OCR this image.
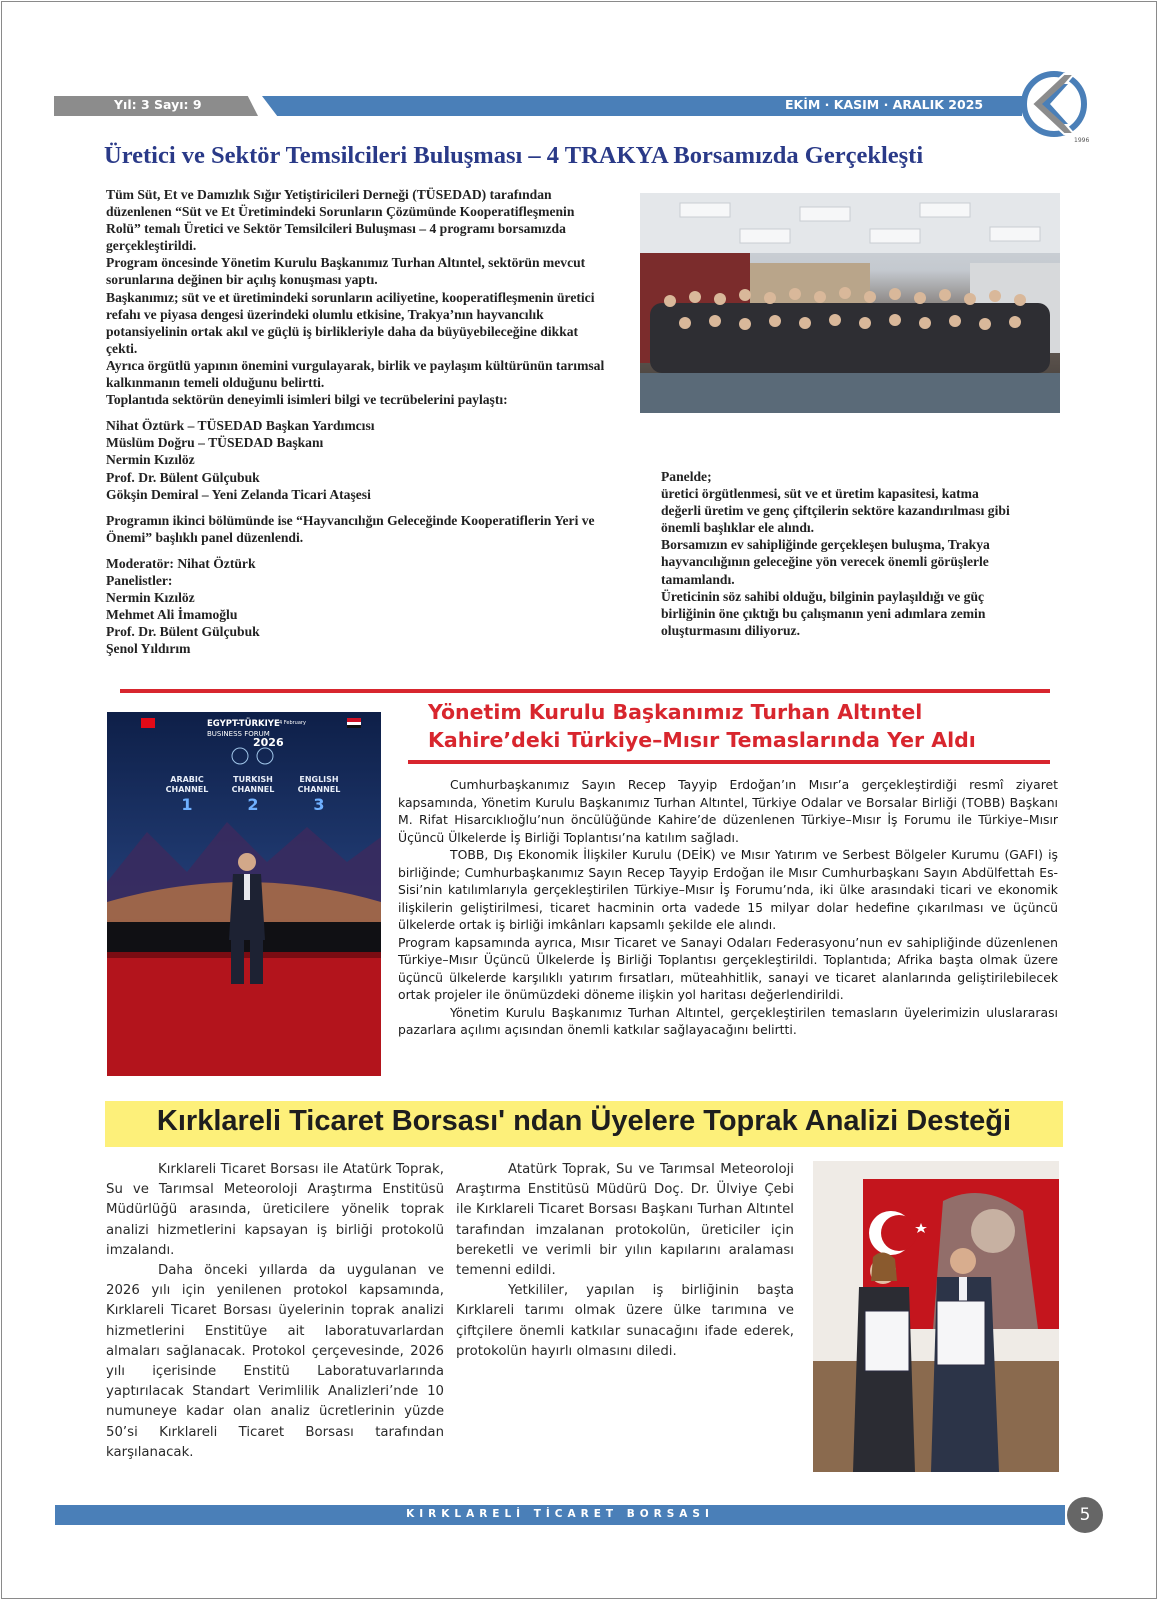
Yıl: 3 Sayı: 9	EKİM · KASIM · ARALIK 2025
1996
Üretici ve Sektör Temsilcileri Buluşması – 4 TRAKYA Borsamızda Gerçekleşti

Tüm Süt, Et ve Damızlık Sığır Yetiştiricileri Derneği (TÜSEDAD) tarafından düzenlenen “Süt ve Et Üretimindeki Sorunların Çözümünde Kooperatifleşmenin Rolü” temalı Üretici ve Sektör Temsilcileri Buluşması – 4 programı borsamızda gerçekleştirildi.

Program öncesinde Yönetim Kurulu Başkanımız Turhan Altıntel, sektörün mevcut sorunlarına değinen bir açılış konuşması yaptı.

Başkanımız; süt ve et üretimindeki sorunların aciliyetine, kooperatifleşmenin üretici refahı ve piyasa dengesi üzerindeki olumlu etkisine, Trakya’nın hayvancılık potansiyelinin ortak akıl ve güçlü iş birlikleriyle daha da büyüyebileceğine dikkat çekti.

Ayrıca örgütlü yapının önemini vurgulayarak, birlik ve paylaşım kültürünün tarımsal kalkınmanın temeli olduğunu belirtti.

Toplantıda sektörün deneyimli isimleri bilgi ve tecrübelerini paylaştı:

Nihat Öztürk – TÜSEDAD Başkan Yardımcısı

Müslüm Doğru – TÜSEDAD Başkanı

Nermin Kızılöz

Prof. Dr. Bülent Gülçubuk

Gökşin Demiral – Yeni Zelanda Ticari Ataşesi

Programın ikinci bölümünde ise “Hayvancılığın Geleceğinde Kooperatiflerin Yeri ve Önemi” başlıklı panel düzenlendi.

Moderatör: Nihat Öztürk

Panelistler:

Nermin Kızılöz

Mehmet Ali İmamoğlu

Prof. Dr. Bülent Gülçubuk

Şenol Yıldırım

Panelde;

üretici örgütlenmesi, süt ve et üretim kapasitesi, katma değerli üretim ve genç çiftçilerin sektöre kazandırılması gibi önemli başlıklar ele alındı.

Borsamızın ev sahipliğinde gerçekleşen buluşma, Trakya hayvancılığının geleceğine yön verecek önemli görüşlerle tamamlandı.

Üreticinin söz sahibi olduğu, bilginin paylaşıldığı ve güç birliğinin öne çıktığı bu çalışmanın yeni adımlara zemin oluşturmasını diliyoruz.

Yönetim Kurulu Başkanımız Turhan Altıntel
Kahire’deki Türkiye–Mısır Temaslarında Yer Aldı
EGYPT-TÜRKIYE 4 February
BUSINESS FORUM
2026
ARABIC
CHANNEL
1
TURKISH
CHANNEL
2
ENGLISH
CHANNEL
3

Cumhurbaşkanımız Sayın Recep Tayyip Erdoğan’ın Mısır’a gerçekleştirdiği resmî ziyaret kapsamında, Yönetim Kurulu Başkanımız Turhan Altıntel, Türkiye Odalar ve Borsalar Birliği (TOBB) Başkanı M. Rifat Hisarcıklıoğlu’nun öncülüğünde Kahire’de düzenlenen Türkiye–Mısır İş Forumu ile Türkiye–Mısır Üçüncü Ülkelerde İş Birliği Toplantısı’na katılım sağladı.

TOBB, Dış Ekonomik İlişkiler Kurulu (DEİK) ve Mısır Yatırım ve Serbest Bölgeler Kurumu (GAFI) iş birliğinde; Cumhurbaşkanımız Sayın Recep Tayyip Erdoğan ile Mısır Cumhurbaşkanı Sayın Abdülfettah Es-Sisi’nin katılımlarıyla gerçekleştirilen Türkiye–Mısır İş Forumu’nda, iki ülke arasındaki ticari ve ekonomik ilişkilerin geliştirilmesi, ticaret hacminin orta vadede 15 milyar dolar hedefine çıkarılması ve üçüncü ülkelerde ortak iş birliği imkânları kapsamlı şekilde ele alındı.

Program kapsamında ayrıca, Mısır Ticaret ve Sanayi Odaları Federasyonu’nun ev sahipliğinde düzenlenen Türkiye–Mısır Üçüncü Ülkelerde İş Birliği Toplantısı gerçekleştirildi. Toplantıda; Afrika başta olmak üzere üçüncü ülkelerde karşılıklı yatırım fırsatları, müteahhitlik, sanayi ve ticaret alanlarında geliştirilebilecek ortak projeler ile önümüzdeki döneme ilişkin yol haritası değerlendirildi.

Yönetim Kurulu Başkanımız Turhan Altıntel, gerçekleştirilen temasların üyelerimizin uluslararası pazarlara açılımı açısından önemli katkılar sağlayacağını belirtti.

Kırklareli Ticaret Borsası' ndan Üyelere Toprak Analizi Desteği

Kırklareli Ticaret Borsası ile Atatürk Toprak, Su ve Tarımsal Meteoroloji Araştırma Enstitüsü Müdürlüğü arasında, üreticilere yönelik toprak analizi hizmetlerini kapsayan iş birliği protokolü imzalandı.

Daha önceki yıllarda da uygulanan ve 2026 yılı için yenilenen protokol kapsamında, Kırklareli Ticaret Borsası üyelerinin toprak analizi hizmetlerini Enstitüye ait laboratuvarlardan almaları sağlanacak. Protokol çerçevesinde, 2026 yılı içerisinde Enstitü Laboratuvarlarında yaptırılacak Standart Verimlilik Analizleri’nde 10 numuneye kadar olan analiz ücretlerinin yüzde 50’si Kırklareli Ticaret Borsası tarafından karşılanacak.

Atatürk Toprak, Su ve Tarımsal Meteoroloji Araştırma Enstitüsü Müdürü Doç. Dr. Ülviye Çebi ile Kırklareli Ticaret Borsası Başkanı Turhan Altıntel tarafından imzalanan protokolün, üreticiler için bereketli ve verimli bir yılın kapılarını aralaması temenni edildi.

Yetkililer, yapılan iş birliğinin başta Kırklareli tarımı olmak üzere ülke tarımına ve çiftçilere önemli katkılar sunacağını ifade ederek, protokolün hayırlı olmasını diledi.

KIRKLARELİ TİCARET BORSASI	5
